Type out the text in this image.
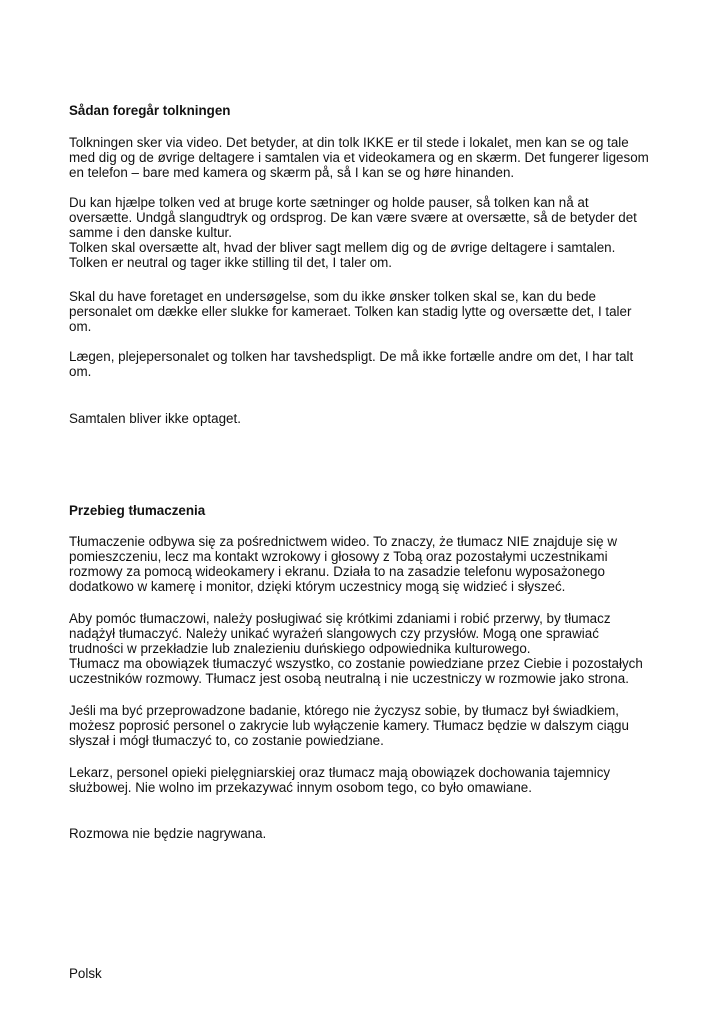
Sådan foregår tolkningen

Tolkningen sker via video. Det betyder, at din tolk IKKE er til stede i lokalet, men kan se og tale
med dig og de øvrige deltagere i samtalen via et videokamera og en skærm. Det fungerer ligesom
en telefon – bare med kamera og skærm på, så I kan se og høre hinanden.

Du kan hjælpe tolken ved at bruge korte sætninger og holde pauser, så tolken kan nå at
oversætte. Undgå slangudtryk og ordsprog. De kan være svære at oversætte, så de betyder det
samme i den danske kultur.
Tolken skal oversætte alt, hvad der bliver sagt mellem dig og de øvrige deltagere i samtalen.
Tolken er neutral og tager ikke stilling til det, I taler om.

Skal du have foretaget en undersøgelse, som du ikke ønsker tolken skal se, kan du bede
personalet om dække eller slukke for kameraet. Tolken kan stadig lytte og oversætte det, I taler
om.

Lægen, plejepersonalet og tolken har tavshedspligt. De må ikke fortælle andre om det, I har talt
om.

Samtalen bliver ikke optaget.

Przebieg tłumaczenia

Tłumaczenie odbywa się za pośrednictwem wideo. To znaczy, że tłumacz NIE znajduje się w
pomieszczeniu, lecz ma kontakt wzrokowy i głosowy z Tobą oraz pozostałymi uczestnikami
rozmowy za pomocą wideokamery i ekranu. Działa to na zasadzie telefonu wyposażonego
dodatkowo w kamerę i monitor, dzięki którym uczestnicy mogą się widzieć i słyszeć.

Aby pomóc tłumaczowi, należy posługiwać się krótkimi zdaniami i robić przerwy, by tłumacz
nadążył tłumaczyć. Należy unikać wyrażeń slangowych czy przysłów. Mogą one sprawiać
trudności w przekładzie lub znalezieniu duńskiego odpowiednika kulturowego.
Tłumacz ma obowiązek tłumaczyć wszystko, co zostanie powiedziane przez Ciebie i pozostałych
uczestników rozmowy. Tłumacz jest osobą neutralną i nie uczestniczy w rozmowie jako strona.

Jeśli ma być przeprowadzone badanie, którego nie życzysz sobie, by tłumacz był świadkiem,
możesz poprosić personel o zakrycie lub wyłączenie kamery. Tłumacz będzie w dalszym ciągu
słyszał i mógł tłumaczyć to, co zostanie powiedziane.

Lekarz, personel opieki pielęgniarskiej oraz tłumacz mają obowiązek dochowania tajemnicy
służbowej. Nie wolno im przekazywać innym osobom tego, co było omawiane.

Rozmowa nie będzie nagrywana.

Polsk
